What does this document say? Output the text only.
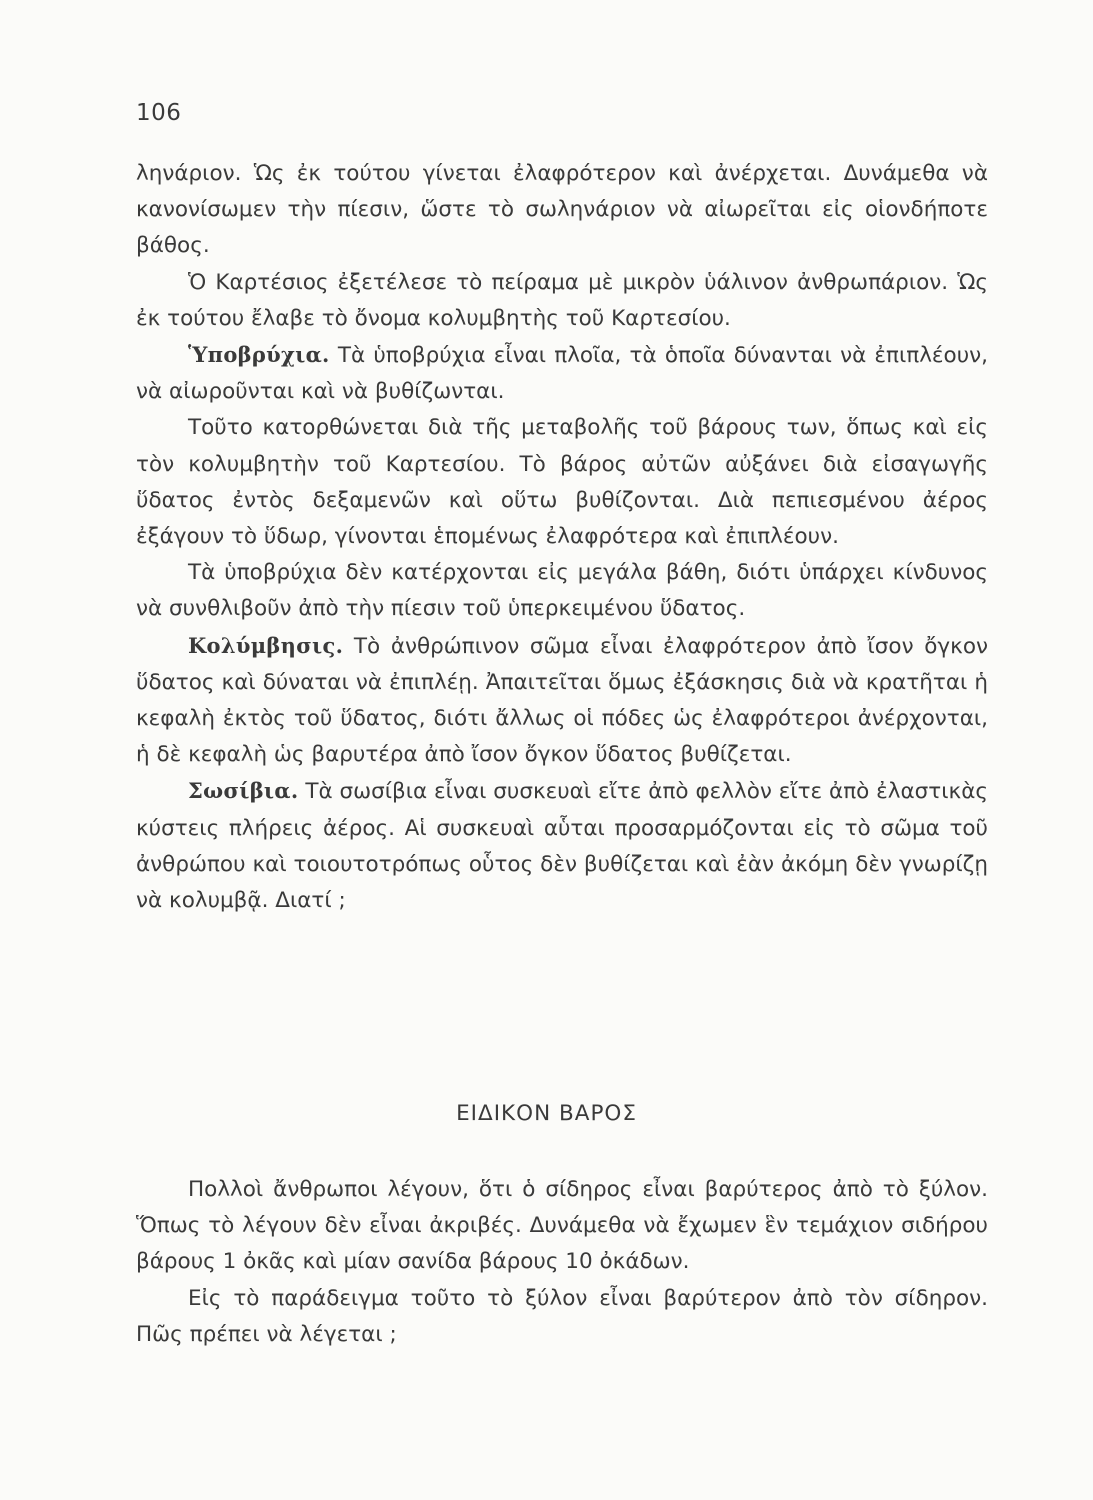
106

ληνάριον. Ὡς ἐκ τούτου γίνεται ἐλαφρότερον καὶ ἀνέρχεται. Δυνάμεθα νὰ κανονίσωμεν τὴν πίεσιν, ὥστε τὸ σωληνάριον νὰ αἰωρεῖται εἰς οἱονδήποτε βάθος.

Ὁ Καρτέσιος ἐξετέλεσε τὸ πείραμα μὲ μικρὸν ὑάλινον ἀνθρωπάριον. Ὡς ἐκ τούτου ἔλαβε τὸ ὄνομα κολυμβητὴς τοῦ Καρτεσίου.

Ὑποβρύχια. Τὰ ὑποβρύχια εἶναι πλοῖα, τὰ ὁποῖα δύνανται νὰ ἐπιπλέουν, νὰ αἰωροῦνται καὶ νὰ βυθίζωνται.

Τοῦτο κατορθώνεται διὰ τῆς μεταβολῆς τοῦ βάρους των, ὅπως καὶ εἰς τὸν κολυμβητὴν τοῦ Καρτεσίου. Τὸ βάρος αὐτῶν αὐξάνει διὰ εἰσαγωγῆς ὕδατος ἐντὸς δεξαμενῶν καὶ οὕτω βυθίζονται. Διὰ πεπιεσμένου ἀέρος ἐξάγουν τὸ ὕδωρ, γίνονται ἑπομένως ἐλαφρότερα καὶ ἐπιπλέουν.

Τὰ ὑποβρύχια δὲν κατέρχονται εἰς μεγάλα βάθη, διότι ὑπάρχει κίνδυνος νὰ συνθλιβοῦν ἀπὸ τὴν πίεσιν τοῦ ὑπερκειμένου ὕδατος.

Κολύμβησις. Τὸ ἀνθρώπινον σῶμα εἶναι ἐλαφρότερον ἀπὸ ἴσον ὄγκον ὕδατος καὶ δύναται νὰ ἐπιπλέῃ. Ἀπαιτεῖται ὅμως ἐξάσκησις διὰ νὰ κρατῆται ἡ κεφαλὴ ἐκτὸς τοῦ ὕδατος, διότι ἄλλως οἱ πόδες ὡς ἐλαφρότεροι ἀνέρχονται, ἡ δὲ κεφαλὴ ὡς βαρυτέρα ἀπὸ ἴσον ὄγκον ὕδατος βυθίζεται.

Σωσίβια. Τὰ σωσίβια εἶναι συσκευαὶ εἴτε ἀπὸ φελλὸν εἴτε ἀπὸ ἐλαστικὰς κύστεις πλήρεις ἀέρος. Αἱ συσκευαὶ αὗται προσαρμόζονται εἰς τὸ σῶμα τοῦ ἀνθρώπου καὶ τοιουτοτρόπως οὗτος δὲν βυθίζεται καὶ ἐὰν ἀκόμη δὲν γνωρίζῃ νὰ κολυμβᾷ. Διατί ;

ΕΙΔΙΚΟΝ ΒΑΡΟΣ

Πολλοὶ ἄνθρωποι λέγουν, ὅτι ὁ σίδηρος εἶναι βαρύτερος ἀπὸ τὸ ξύλον. Ὅπως τὸ λέγουν δὲν εἶναι ἀκριβές. Δυνάμεθα νὰ ἔχωμεν ἓν τεμάχιον σιδήρου βάρους 1 ὀκᾶς καὶ μίαν σανίδα βάρους 10 ὀκάδων.

Εἰς τὸ παράδειγμα τοῦτο τὸ ξύλον εἶναι βαρύτερον ἀπὸ τὸν σίδηρον. Πῶς πρέπει νὰ λέγεται ;
